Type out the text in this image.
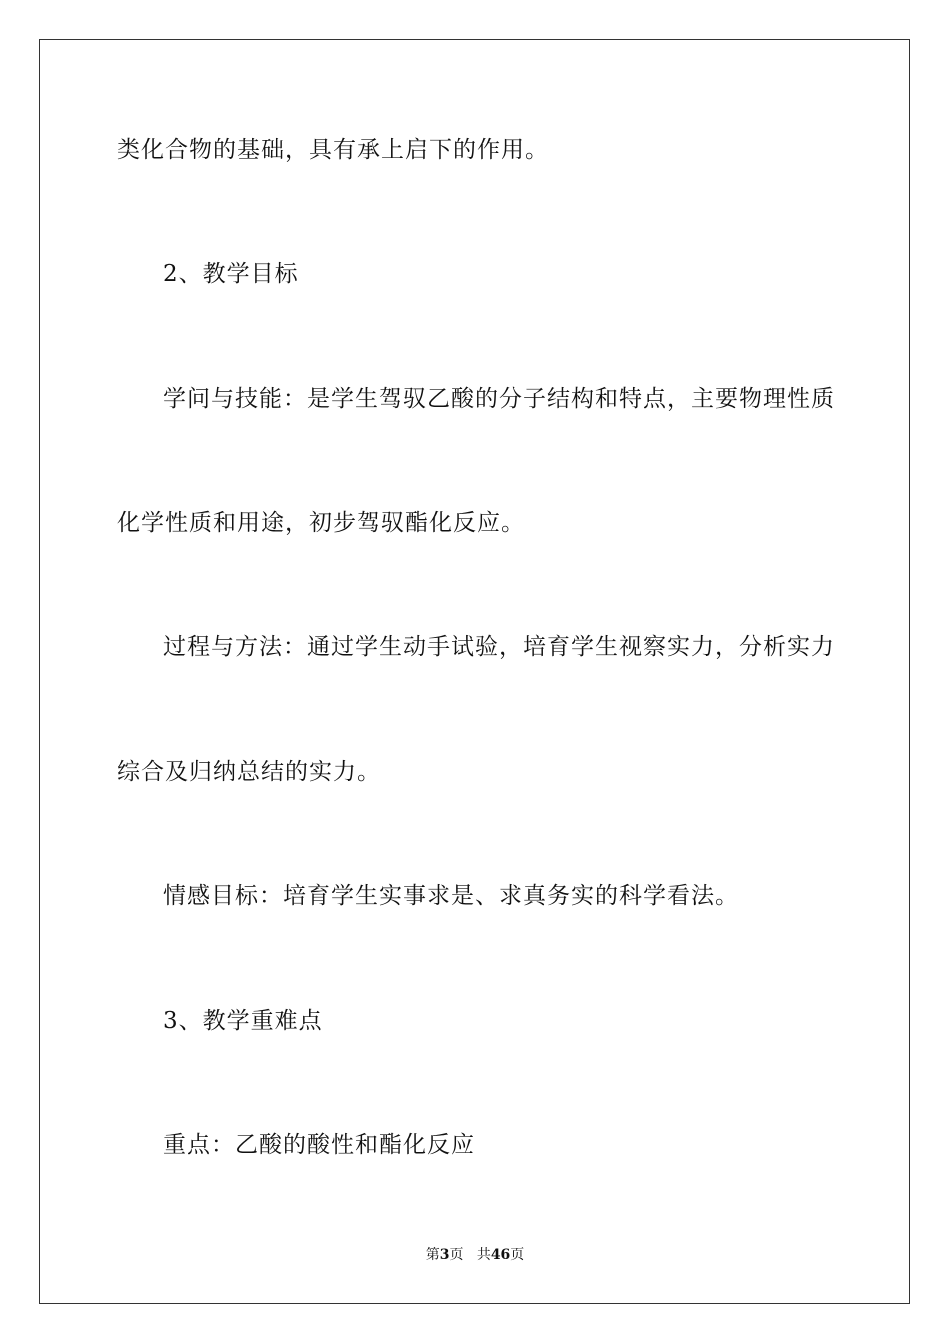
类化合物的基础，具有承上启下的作用。
2、教学目标
学问与技能：是学生驾驭乙酸的分子结构和特点，主要物理性质
化学性质和用途，初步驾驭酯化反应。
过程与方法：通过学生动手试验，培育学生视察实力，分析实力
综合及归纳总结的实力。
情感目标：培育学生实事求是、求真务实的科学看法。
3、教学重难点
重点：乙酸的酸性和酯化反应
第3页 共46页
